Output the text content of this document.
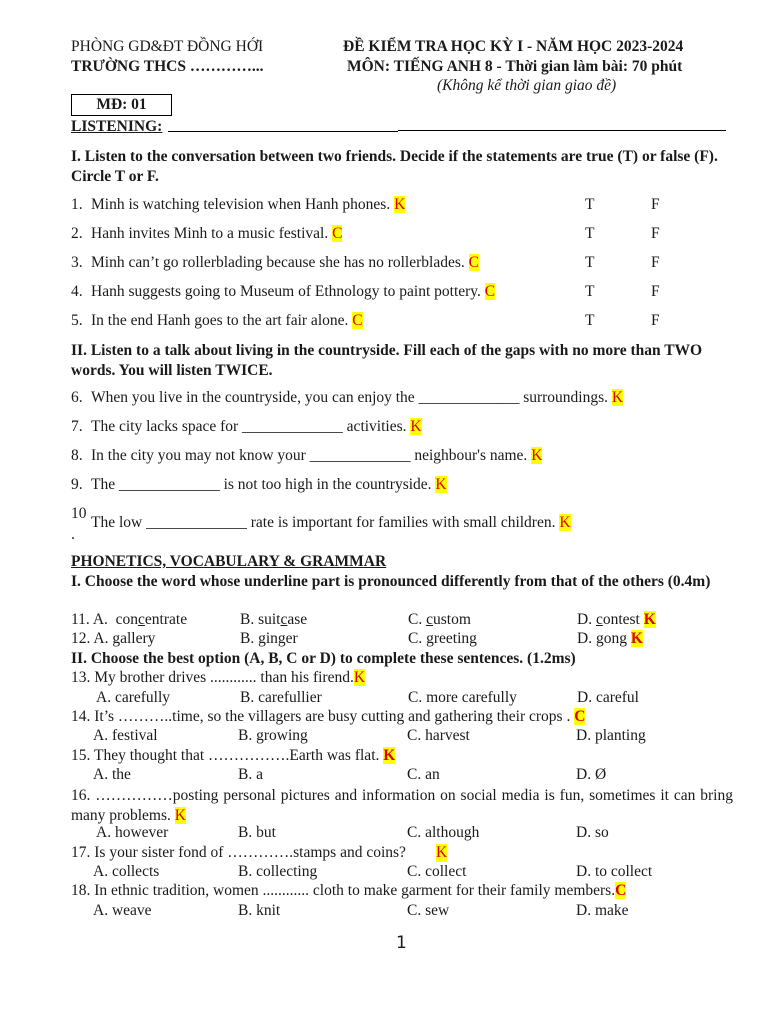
PHÒNG GD&ĐT ĐỒNG HỚI
TRƯỜNG THCS …………...
ĐỀ KIỂM TRA HỌC KỲ I - NĂM HỌC 2023-2024
MÔN: TIẾNG ANH 8 - Thời gian làm bài: 70 phút
(Không kể thời gian giao đề)
MĐ: 01
LISTENING:
I. Listen to the conversation between two friends. Decide if the statements are true (T) or false (F). Circle T or F.
1. Minh is watching television when Hanh phones. K	T	F
2. Hanh invites Minh to a music festival. C	T	F
3. Minh can’t go rollerblading because she has no rollerblades. C	T	F
4. Hanh suggests going to Museum of Ethnology to paint pottery. C	T	F
5. In the end Hanh goes to the art fair alone. C	T	F
II. Listen to a talk about living in the countryside. Fill each of the gaps with no more than TWO words. You will listen TWICE.
6. When you live in the countryside, you can enjoy the _____________ surroundings. K
7. The city lacks space for _____________ activities. K
8. In the city you may not know your _____________ neighbour's name. K
9. The _____________ is not too high in the countryside. K
10
.
The low _____________ rate is important for families with small children. K
PHONETICS, VOCABULARY & GRAMMAR
I. Choose the word whose underline part is pronounced differently from that of the others (0.4m)
11. A. concentrate	B. suitcase	C. custom	D. contest K
12. A. gallery	B. ginger	C. greeting	D. gong K
II. Choose the best option (A, B, C or D) to complete these sentences. (1.2ms)
13. My brother drives ............ than his firend.K
A. carefully	B. carefullier	C. more carefully	D. careful
14. It’s ………..time, so the villagers are busy cutting and gathering their crops . C
A. festival	B. growing	C. harvest	D. planting
15. They thought that …………….Earth was flat. K
A. the	B. a	C. an	D. Ø
16. ……………posting personal pictures and information on social media is fun, sometimes it can bring many problems. K
A. however	B. but	C. although	D. so
17. Is your sister fond of ………….stamps and coins? K
A. collects	B. collecting	C. collect	D. to collect
18. In ethnic tradition, women ............ cloth to make garment for their family members.C
A. weave	B. knit	C. sew	D. make
1
